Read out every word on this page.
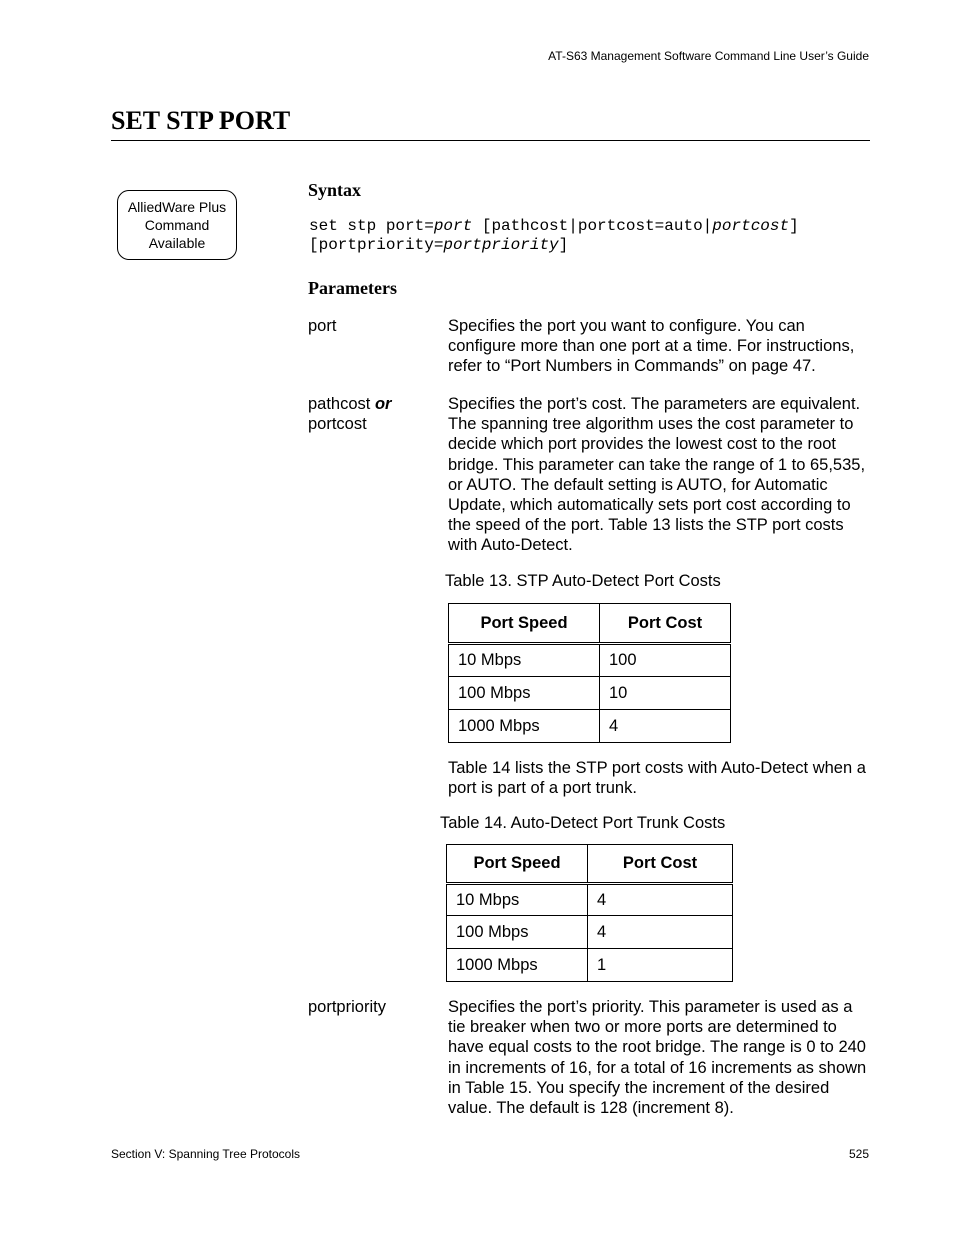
AT-S63 Management Software Command Line User’s Guide
SET STP PORT
AlliedWare Plus
Command
Available
Syntax
set stp port=port [pathcost|portcost=auto|portcost]
[portpriority=portpriority]
Parameters
port	Specifies the port you want to configure. You can configure more than one port at a time. For instructions, refer to “Port Numbers in Commands” on page 47.
pathcost or
portcost
Specifies the port’s cost. The parameters are equivalent. The spanning tree algorithm uses the cost parameter to decide which port provides the lowest cost to the root bridge. This parameter can take the range of 1 to 65,535, or AUTO. The default setting is AUTO, for Automatic Update, which automatically sets port cost according to the speed of the port. Table 13 lists the STP port costs with Auto-Detect.
Table 13. STP Auto-Detect Port Costs
Port Speed	Port Cost
10 Mbps	100
100 Mbps	10
1000 Mbps	4
Table 14 lists the STP port costs with Auto-Detect when a port is part of a port trunk.
Table 14. Auto-Detect Port Trunk Costs
Port Speed	Port Cost
10 Mbps	4
100 Mbps	4
1000 Mbps	1
portpriority	Specifies the port’s priority. This parameter is used as a tie breaker when two or more ports are determined to have equal costs to the root bridge. The range is 0 to 240 in increments of 16, for a total of 16 increments as shown in Table 15. You specify the increment of the desired value. The default is 128 (increment 8).
Section V: Spanning Tree Protocols	525
